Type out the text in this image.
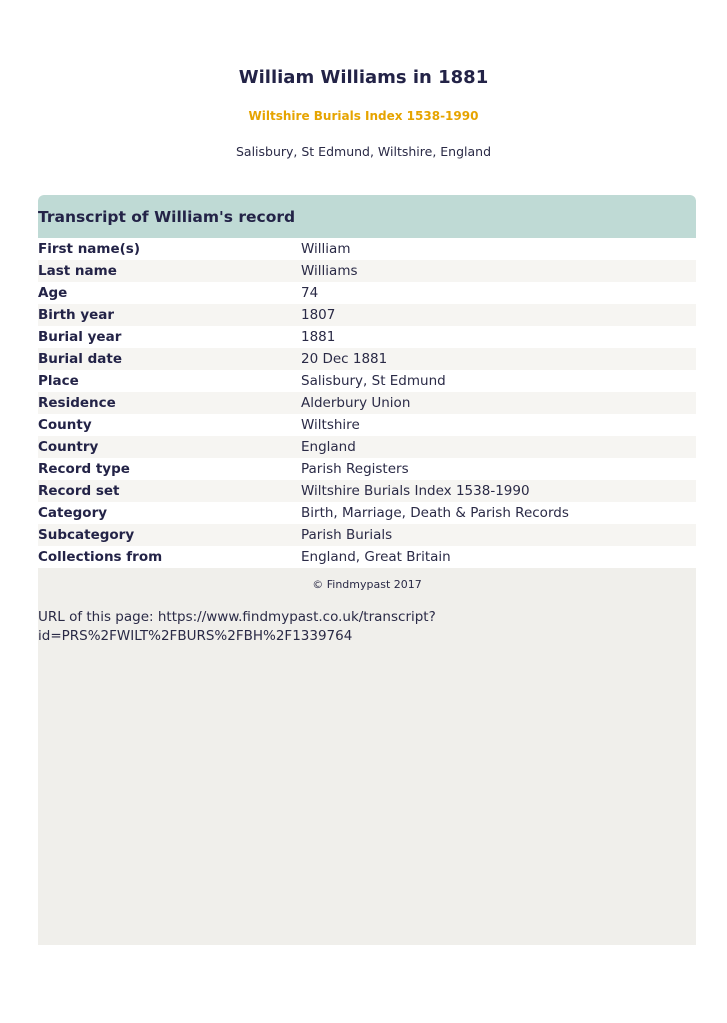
William Williams in 1881
Wiltshire Burials Index 1538-1990
Salisbury, St Edmund, Wiltshire, England
Transcript of William's record
First name(s)	William
Last name	Williams
Age	74
Birth year	1807
Burial year	1881
Burial date	20 Dec 1881
Place	Salisbury, St Edmund
Residence	Alderbury Union
County	Wiltshire
Country	England
Record type	Parish Registers
Record set	Wiltshire Burials Index 1538-1990
Category	Birth, Marriage, Death & Parish Records
Subcategory	Parish Burials
Collections from	England, Great Britain
© Findmypast 2017
URL of this page: https://www.findmypast.co.uk/transcript?
id=PRS%2FWILT%2FBURS%2FBH%2F1339764
